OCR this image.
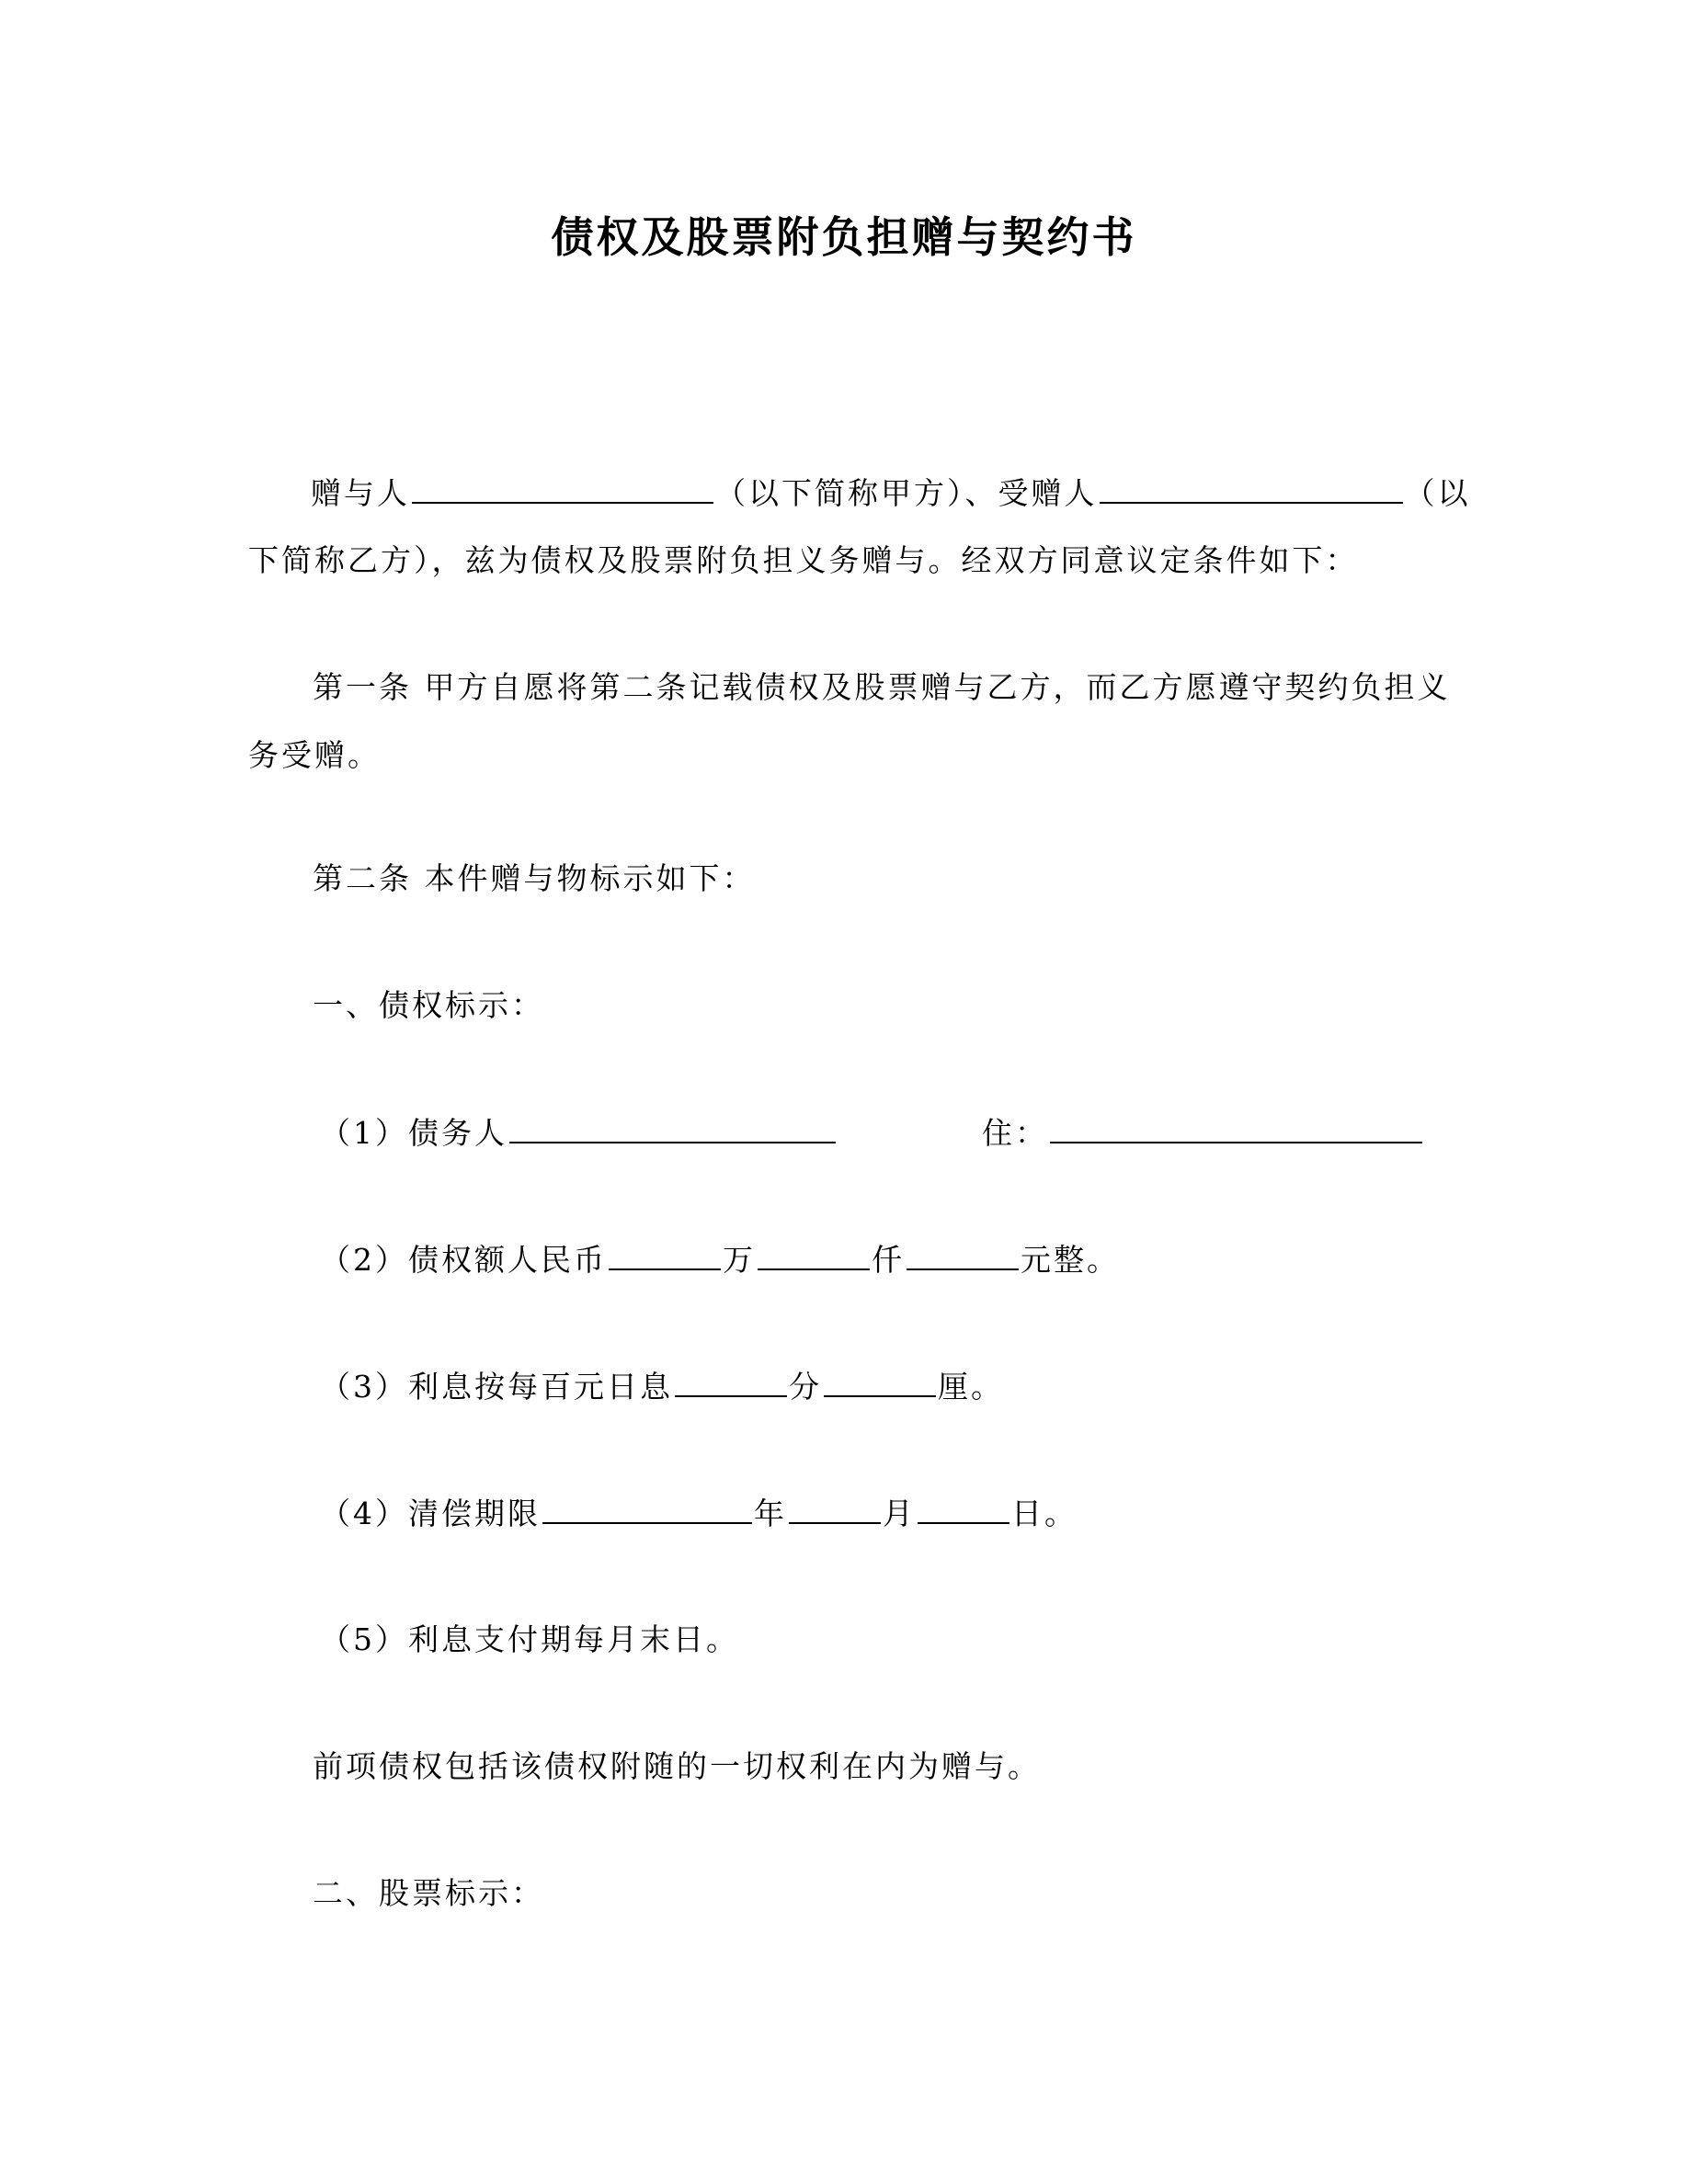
债权及股票附负担赠与契约书
赠与人	（以下简称甲方）、受赠人	（以
下简称乙方），兹为债权及股票附负担义务赠与。经双方同意议定条件如下：
第一条 甲方自愿将第二条记载债权及股票赠与乙方，而乙方愿遵守契约负担义
务受赠。
第二条 本件赠与物标示如下：
一、债权标示：
（1）债务人	住：
（2）债权额人民币	万	仟	元整。
（3）利息按每百元日息	分	厘。
（4）清偿期限	年	月	日。
（5）利息支付期每月末日。
前项债权包括该债权附随的一切权利在内为赠与。
二、股票标示：
